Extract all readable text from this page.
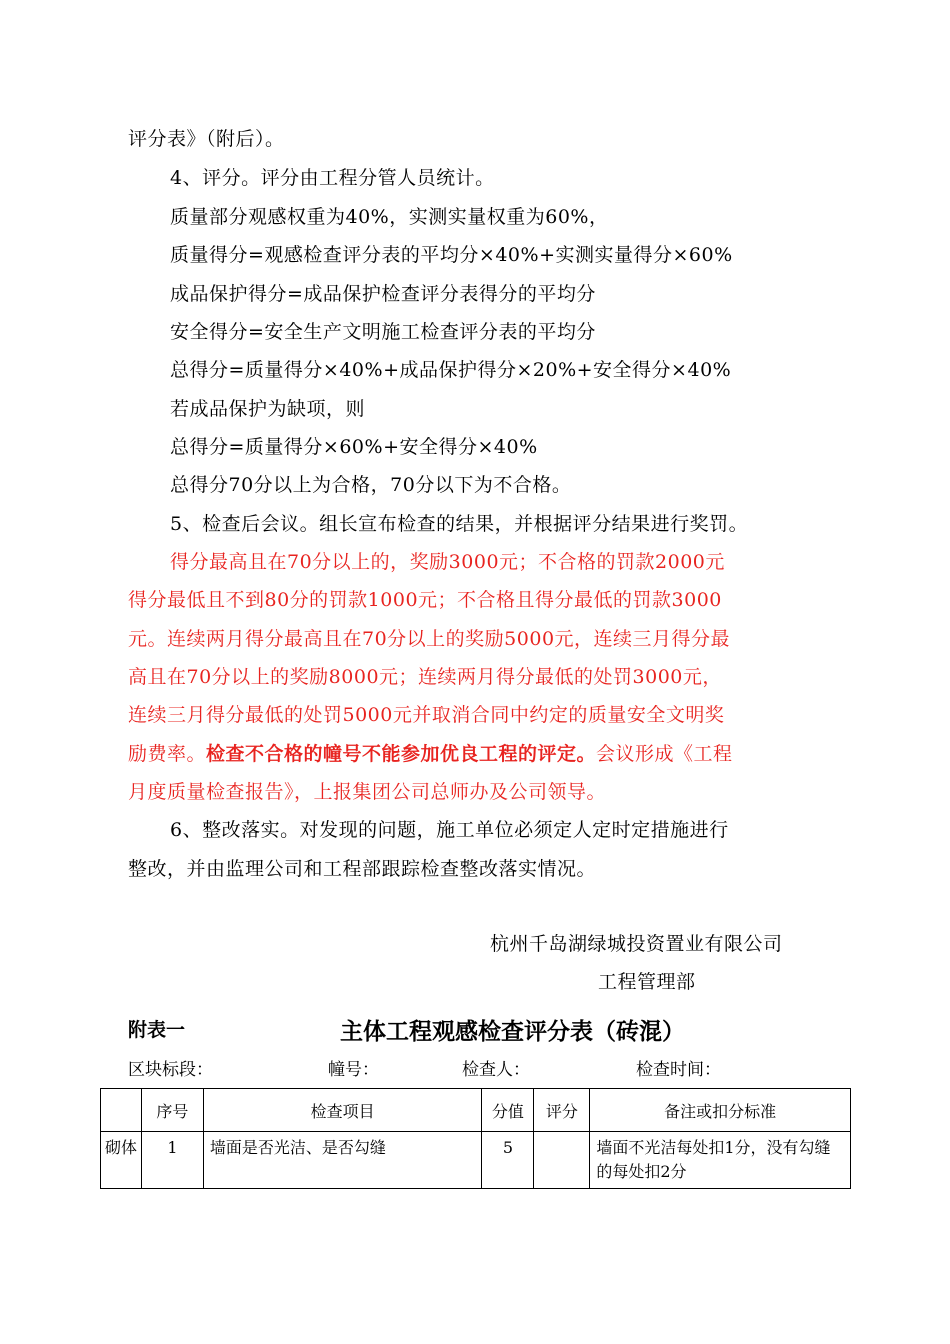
评分表》（附后）。
4、评分。评分由工程分管人员统计。
质量部分观感权重为40%，实测实量权重为60%，
质量得分=观感检查评分表的平均分×40%+实测实量得分×60%
成品保护得分=成品保护检查评分表得分的平均分
安全得分=安全生产文明施工检查评分表的平均分
总得分=质量得分×40%+成品保护得分×20%+安全得分×40%
若成品保护为缺项，则
总得分=质量得分×60%+安全得分×40%
总得分70分以上为合格，70分以下为不合格。
5、检查后会议。组长宣布检查的结果，并根据评分结果进行奖罚。
得分最高且在70分以上的，奖励3000元；不合格的罚款2000元
得分最低且不到80分的罚款1000元；不合格且得分最低的罚款3000
元。连续两月得分最高且在70分以上的奖励5000元，连续三月得分最
高且在70分以上的奖励8000元；连续两月得分最低的处罚3000元，
连续三月得分最低的处罚5000元并取消合同中约定的质量安全文明奖
励费率。检查不合格的幢号不能参加优良工程的评定。会议形成《工程
月度质量检查报告》，上报集团公司总师办及公司领导。
6、整改落实。对发现的问题，施工单位必须定人定时定措施进行
整改，并由监理公司和工程部跟踪检查整改落实情况。
杭州千岛湖绿城投资置业有限公司
工程管理部
附表一	主体工程观感检查评分表（砖混）
区块标段：	幢号：	检查人：	检查时间：
	序号	检查项目	分值	评分	备注或扣分标准
砌体	1	墙面是否光洁、是否勾缝	5		墙面不光洁每处扣1分，没有勾缝的每处扣2分
